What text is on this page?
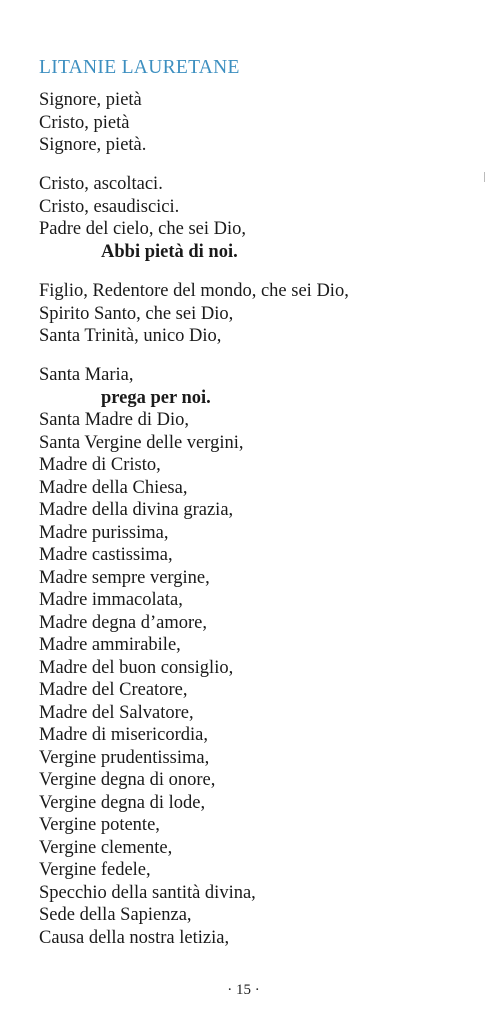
LITANIE LAURETANE
Signore, pietà
Cristo, pietà
Signore, pietà.
Cristo, ascoltaci.
Cristo, esaudiscici.
Padre del cielo, che sei Dio,
Abbi pietà di noi.
Figlio, Redentore del mondo, che sei Dio,
Spirito Santo, che sei Dio,
Santa Trinità, unico Dio,
Santa Maria,
prega per noi.
Santa Madre di Dio,
Santa Vergine delle vergini,
Madre di Cristo,
Madre della Chiesa,
Madre della divina grazia,
Madre purissima,
Madre castissima,
Madre sempre vergine,
Madre immacolata,
Madre degna d’amore,
Madre ammirabile,
Madre del buon consiglio,
Madre del Creatore,
Madre del Salvatore,
Madre di misericordia,
Vergine prudentissima,
Vergine degna di onore,
Vergine degna di lode,
Vergine potente,
Vergine clemente,
Vergine fedele,
Specchio della santità divina,
Sede della Sapienza,
Causa della nostra letizia,
· 15 ·
